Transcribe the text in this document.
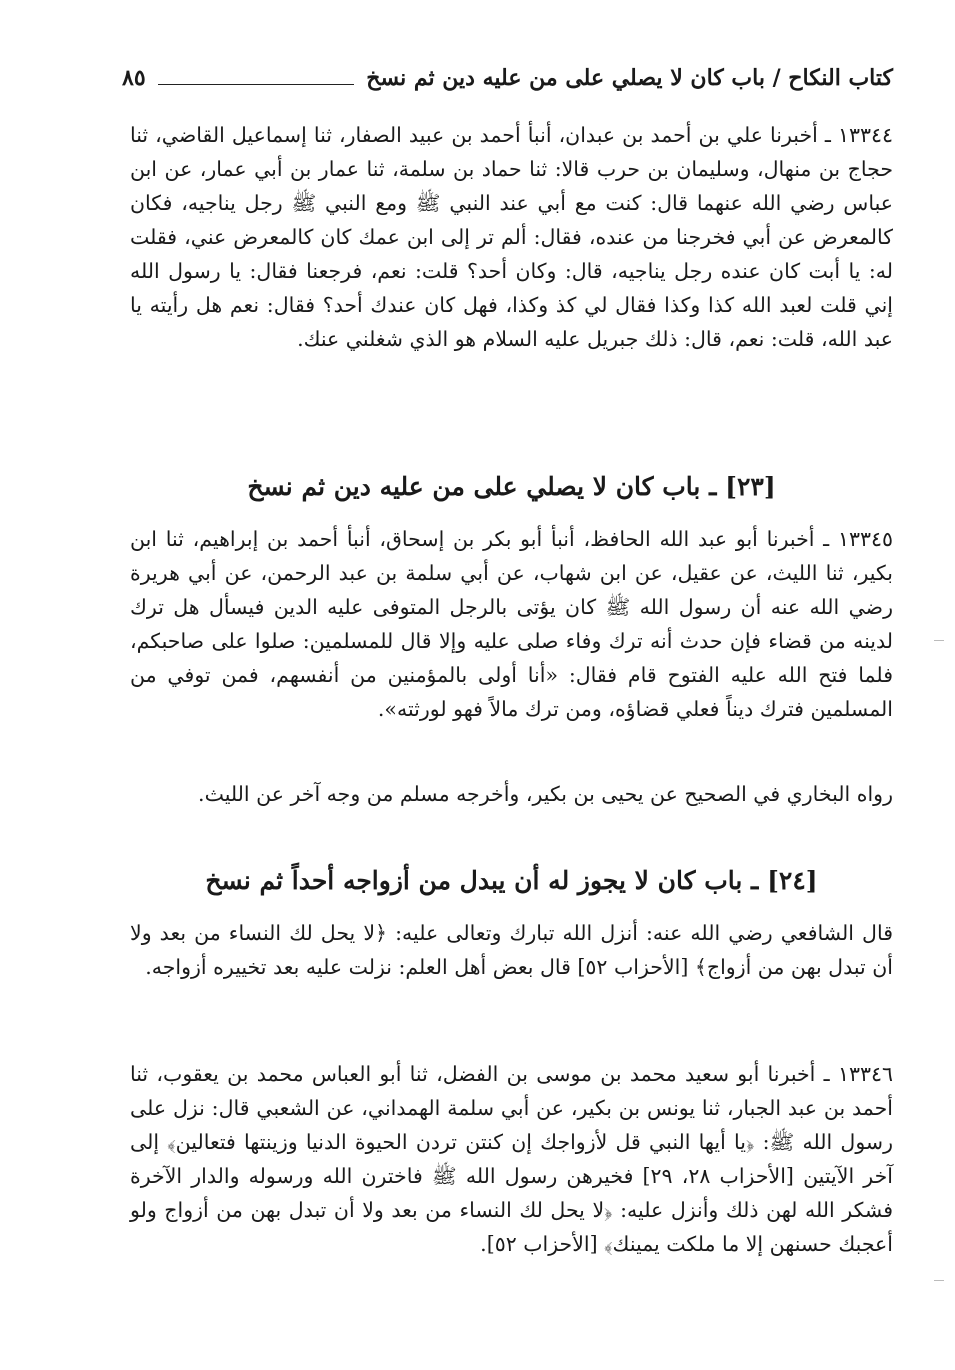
كتاب النكاح / باب كان لا يصلي على من عليه دين ثم نسخ
٨٥

١٣٣٤٤ ـ أخبرنا علي بن أحمد بن عبدان، أنبأ أحمد بن عبيد الصفار، ثنا إسماعيل القاضي، ثنا حجاج بن منهال، وسليمان بن حرب قالا: ثنا حماد بن سلمة، ثنا عمار بن أبي عمار، عن ابن عباس رضي الله عنهما قال: كنت مع أبي عند النبي ﷺ ومع النبي ﷺ رجل يناجيه، فكان كالمعرض عن أبي فخرجنا من عنده، فقال: ألم تر إلى ابن عمك كان كالمعرض عني، فقلت له: يا أبت كان عنده رجل يناجيه، قال: وكان أحد؟ قلت: نعم، فرجعنا فقال: يا رسول الله إني قلت لعبد الله كذا وكذا فقال لي كذ وكذا، فهل كان عندك أحد؟ فقال: نعم هل رأيته يا عبد الله، قلت: نعم، قال: ذلك جبريل عليه السلام هو الذي شغلني عنك.

[٢٣] ـ باب كان لا يصلي على من عليه دين ثم نسخ

١٣٣٤٥ ـ أخبرنا أبو عبد الله الحافظ، أنبأ أبو بكر بن إسحاق، أنبأ أحمد بن إبراهيم، ثنا ابن بكير، ثنا الليث، عن عقيل، عن ابن شهاب، عن أبي سلمة بن عبد الرحمن، عن أبي هريرة رضي الله عنه أن رسول الله ﷺ كان يؤتى بالرجل المتوفى عليه الدين فيسأل هل ترك لدينه من قضاء فإن حدث أنه ترك وفاء صلى عليه وإلا قال للمسلمين: صلوا على صاحبكم، فلما فتح الله عليه الفتوح قام فقال: «أنا أولى بالمؤمنين من أنفسهم، فمن توفي من المسلمين فترك ديناً فعلي قضاؤه، ومن ترك مالاً فهو لورثته».

رواه البخاري في الصحيح عن يحيى بن بكير، وأخرجه مسلم من وجه آخر عن الليث.

[٢٤] ـ باب كان لا يجوز له أن يبدل من أزواجه أحداً ثم نسخ

قال الشافعي رضي الله عنه: أنزل الله تبارك وتعالى عليه: ﴿لا يحل لك النساء من بعد ولا أن تبدل بهن من أزواج﴾ [الأحزاب ٥٢] قال بعض أهل العلم: نزلت عليه بعد تخييره أزواجه.

١٣٣٤٦ ـ أخبرنا أبو سعيد محمد بن موسى بن الفضل، ثنا أبو العباس محمد بن يعقوب، ثنا أحمد بن عبد الجبار، ثنا يونس بن بكير، عن أبي سلمة الهمداني، عن الشعبي قال: نزل على رسول الله ﷺ: ﴿يا أيها النبي قل لأزواجك إن كنتن تردن الحيوة الدنيا وزينتها فتعالين﴾ إلى آخر الآيتين [الأحزاب ٢٨، ٢٩] فخيرهن رسول الله ﷺ فاخترن الله ورسوله والدار الآخرة فشكر الله لهن ذلك وأنزل عليه: ﴿لا يحل لك النساء من بعد ولا أن تبدل بهن من أزواج ولو أعجبك حسنهن إلا ما ملكت يمينك﴾ [الأحزاب ٥٢].
